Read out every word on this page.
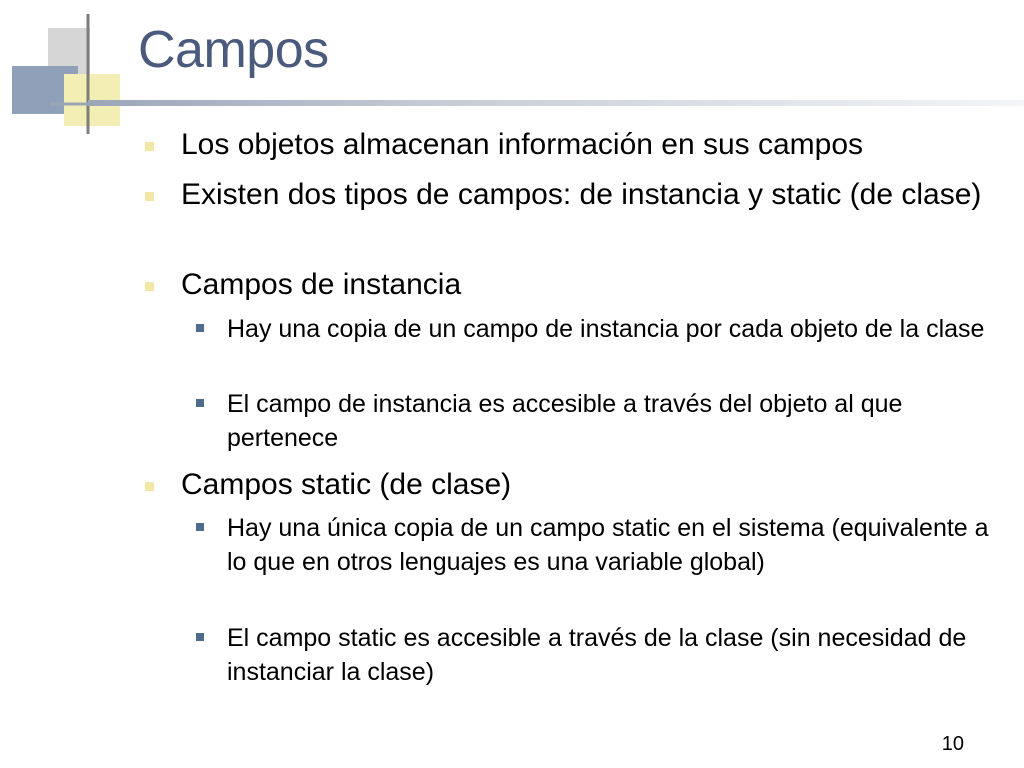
Campos

Los objetos almacenan información en sus campos

Existen dos tipos de campos: de instancia y static (de clase)

Campos de instancia

Hay una copia de un campo de instancia por cada objeto de la clase

El campo de instancia es accesible a través del objeto al que pertenece

Campos static (de clase)

Hay una única copia de un campo static en el sistema (equivalente a lo que en otros lenguajes es una variable global)

El campo static es accesible a través de la clase (sin necesidad de instanciar la clase)

10
